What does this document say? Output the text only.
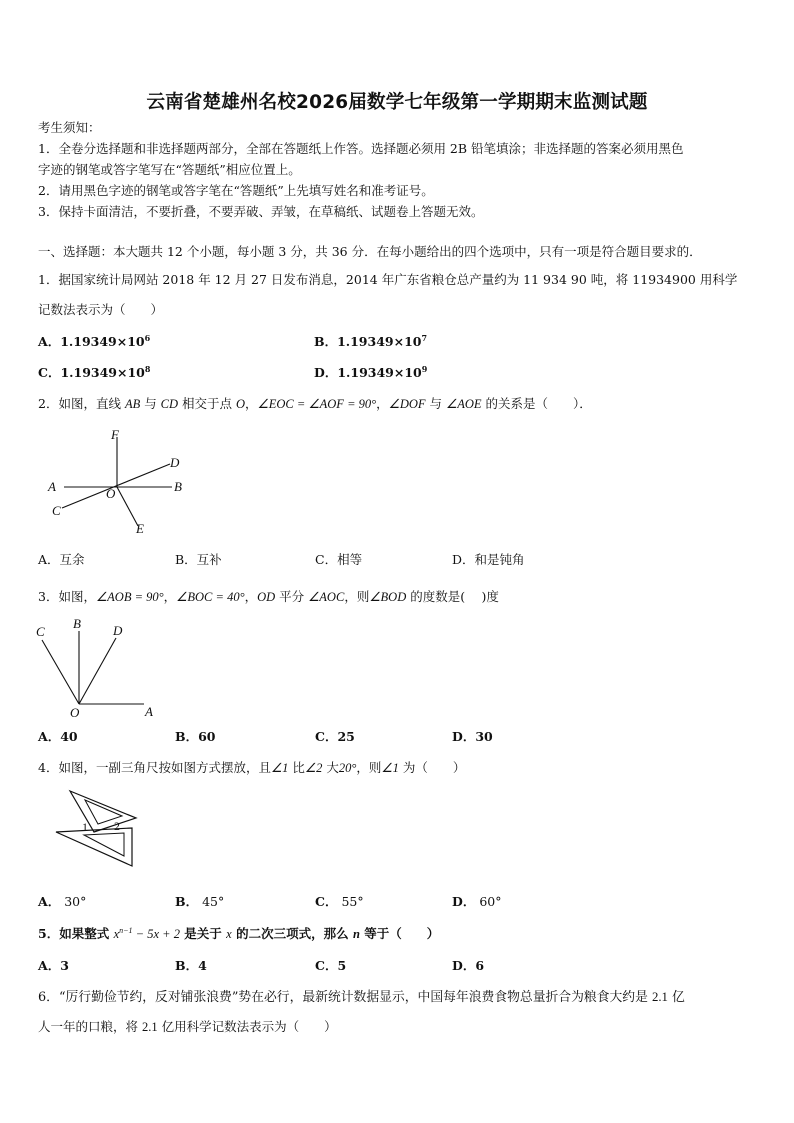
云南省楚雄州名校2026届数学七年级第一学期期末监测试题
考生须知：
1．全卷分选择题和非选择题两部分，全部在答题纸上作答。选择题必须用 2B 铅笔填涂；非选择题的答案必须用黑色
字迹的钢笔或答字笔写在“答题纸”相应位置上。
2．请用黑色字迹的钢笔或答字笔在“答题纸”上先填写姓名和准考证号。
3．保持卡面清洁，不要折叠，不要弄破、弄皱，在草稿纸、试题卷上答题无效。
一、选择题：本大题共 12 个小题，每小题 3 分，共 36 分．在每小题给出的四个选项中，只有一项是符合题目要求的．
1．据国家统计局网站 2018 年 12 月 27 日发布消息，2014 年广东省粮仓总产量约为 11 934 90 吨，将 11934900 用科学
记数法表示为（　　）
A．$1.19349\times 10^6$	B．$1.19349\times 10^7$
C．$1.19349\times 10^8$	D．$1.19349\times 10^9$
2．如图，直线 AB 与 CD 相交于点 O，∠EOC = ∠AOF = 90°，∠DOF 与 ∠AOE 的关系是（　　）．
F
D
A	B
O
C
E
A．互余	B．互补	C．相等	D．和是钝角
3．如图，∠AOB = 90°，∠BOC = 40°，OD 平分 ∠AOC，则∠BOD 的度数是(　 )度
C
B D
O	A
A．40	B．60	C．25	D．30
4．如图，一副三角尺按如图方式摆放，且∠1 比∠2 大20°，则∠1 为（　　）
1 2
A． 30°	B． 45°	C． 55°	D． 60°
5．如果整式 $x^{n-1} - 5x + 2$ 是关于 x 的二次三项式，那么 n 等于（　　）
A．3	B．4	C．5	D．6
6．“厉行勤俭节约，反对铺张浪费”势在必行，最新统计数据显示，中国每年浪费食物总量折合为粮食大约是 2.1 亿
人一年的口粮，将 2.1 亿用科学记数法表示为（　　）
